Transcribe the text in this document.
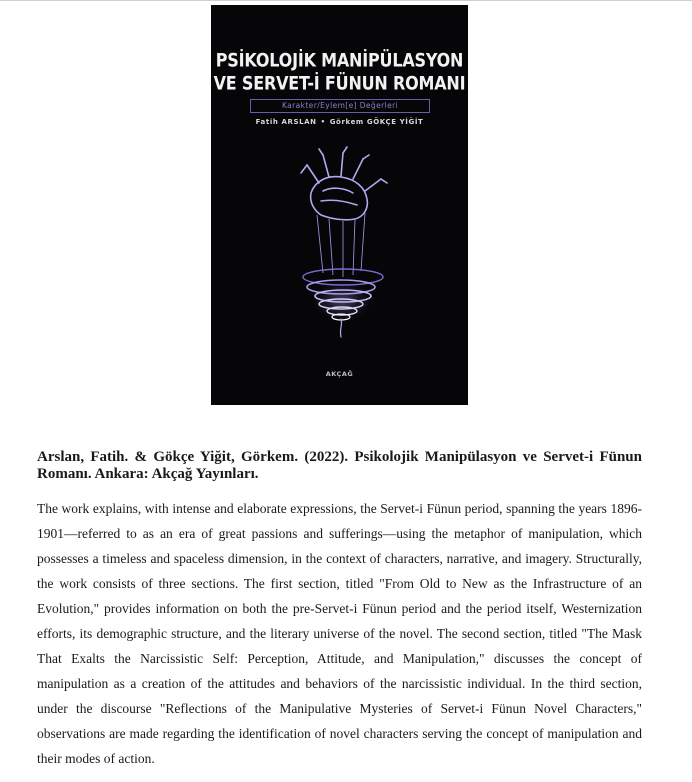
PSİKOLOJİK MANİPÜLASYON
VE SERVET-İ FÜNUN ROMANI
Karakter/Eylem[e] Değerleri
Fatih ARSLAN • Görkem GÖKÇE YİĞİT
AKÇAĞ
Arslan, Fatih. & Gökçe Yiğit, Görkem. (2022). Psikolojik Manipülasyon ve Servet-i Fünun Romanı. Ankara: Akçağ Yayınları.

The work explains, with intense and elaborate expressions, the Servet-i Fünun period, spanning the years 1896-1901—referred to as an era of great passions and sufferings—using the metaphor of manipulation, which possesses a timeless and spaceless dimension, in the context of characters, narrative, and imagery. Structurally, the work consists of three sections. The first section, titled "From Old to New as the Infrastructure of an Evolution," provides information on both the pre-Servet-i Fünun period and the period itself, Westernization efforts, its demographic structure, and the literary universe of the novel. The second section, titled "The Mask That Exalts the Narcissistic Self: Perception, Attitude, and Manipulation," discusses the concept of manipulation as a creation of the attitudes and behaviors of the narcissistic individual. In the third section, under the discourse "Reflections of the Manipulative Mysteries of Servet-i Fünun Novel Characters," observations are made regarding the identification of novel characters serving the concept of manipulation and their modes of action.
